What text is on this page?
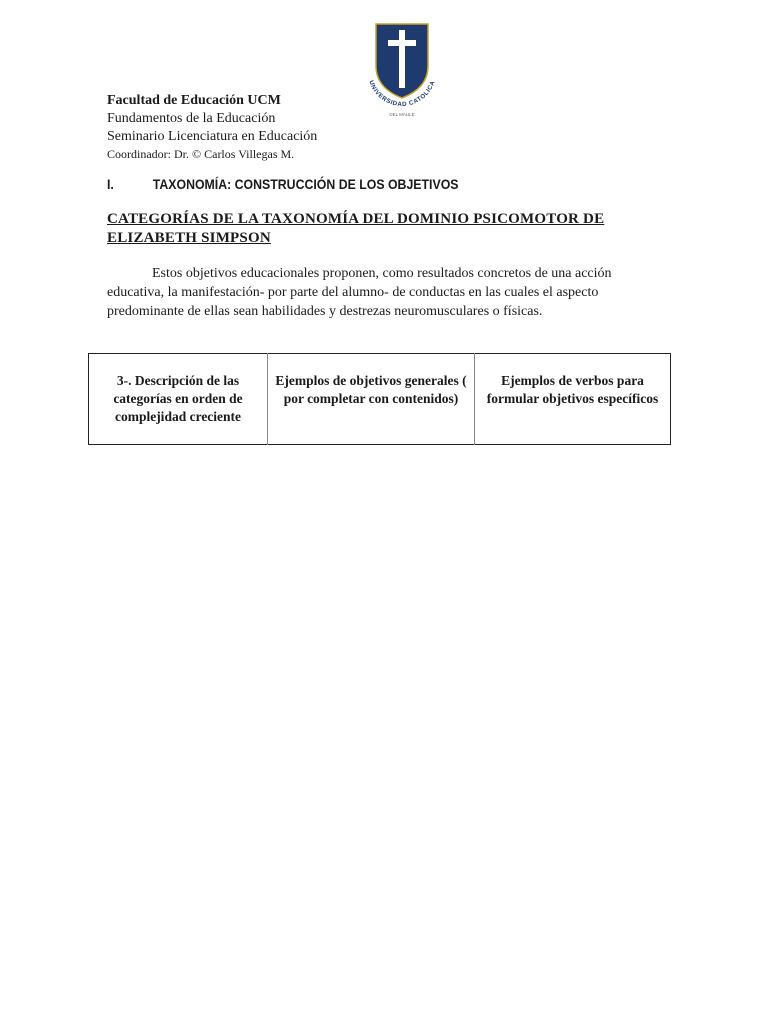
UNIVERSIDAD CATOLICA
DEL MAULE
Facultad de Educación UCM
Fundamentos de la Educación
Seminario Licenciatura en Educación
Coordinador: Dr. © Carlos Villegas M.
I.	TAXONOMÍA: CONSTRUCCIÓN DE LOS OBJETIVOS
CATEGORÍAS DE LA TAXONOMÍA DEL DOMINIO PSICOMOTOR DE ELIZABETH SIMPSON
Estos objetivos educacionales proponen, como resultados concretos de una acción educativa, la manifestación- por parte del alumno- de conductas en las cuales el aspecto predominante de ellas sean habilidades y destrezas neuromusculares o físicas.
3-. Descripción de las categorías en orden de complejidad creciente	Ejemplos de objetivos generales ( por completar con contenidos)	Ejemplos de verbos para formular objetivos específicos
